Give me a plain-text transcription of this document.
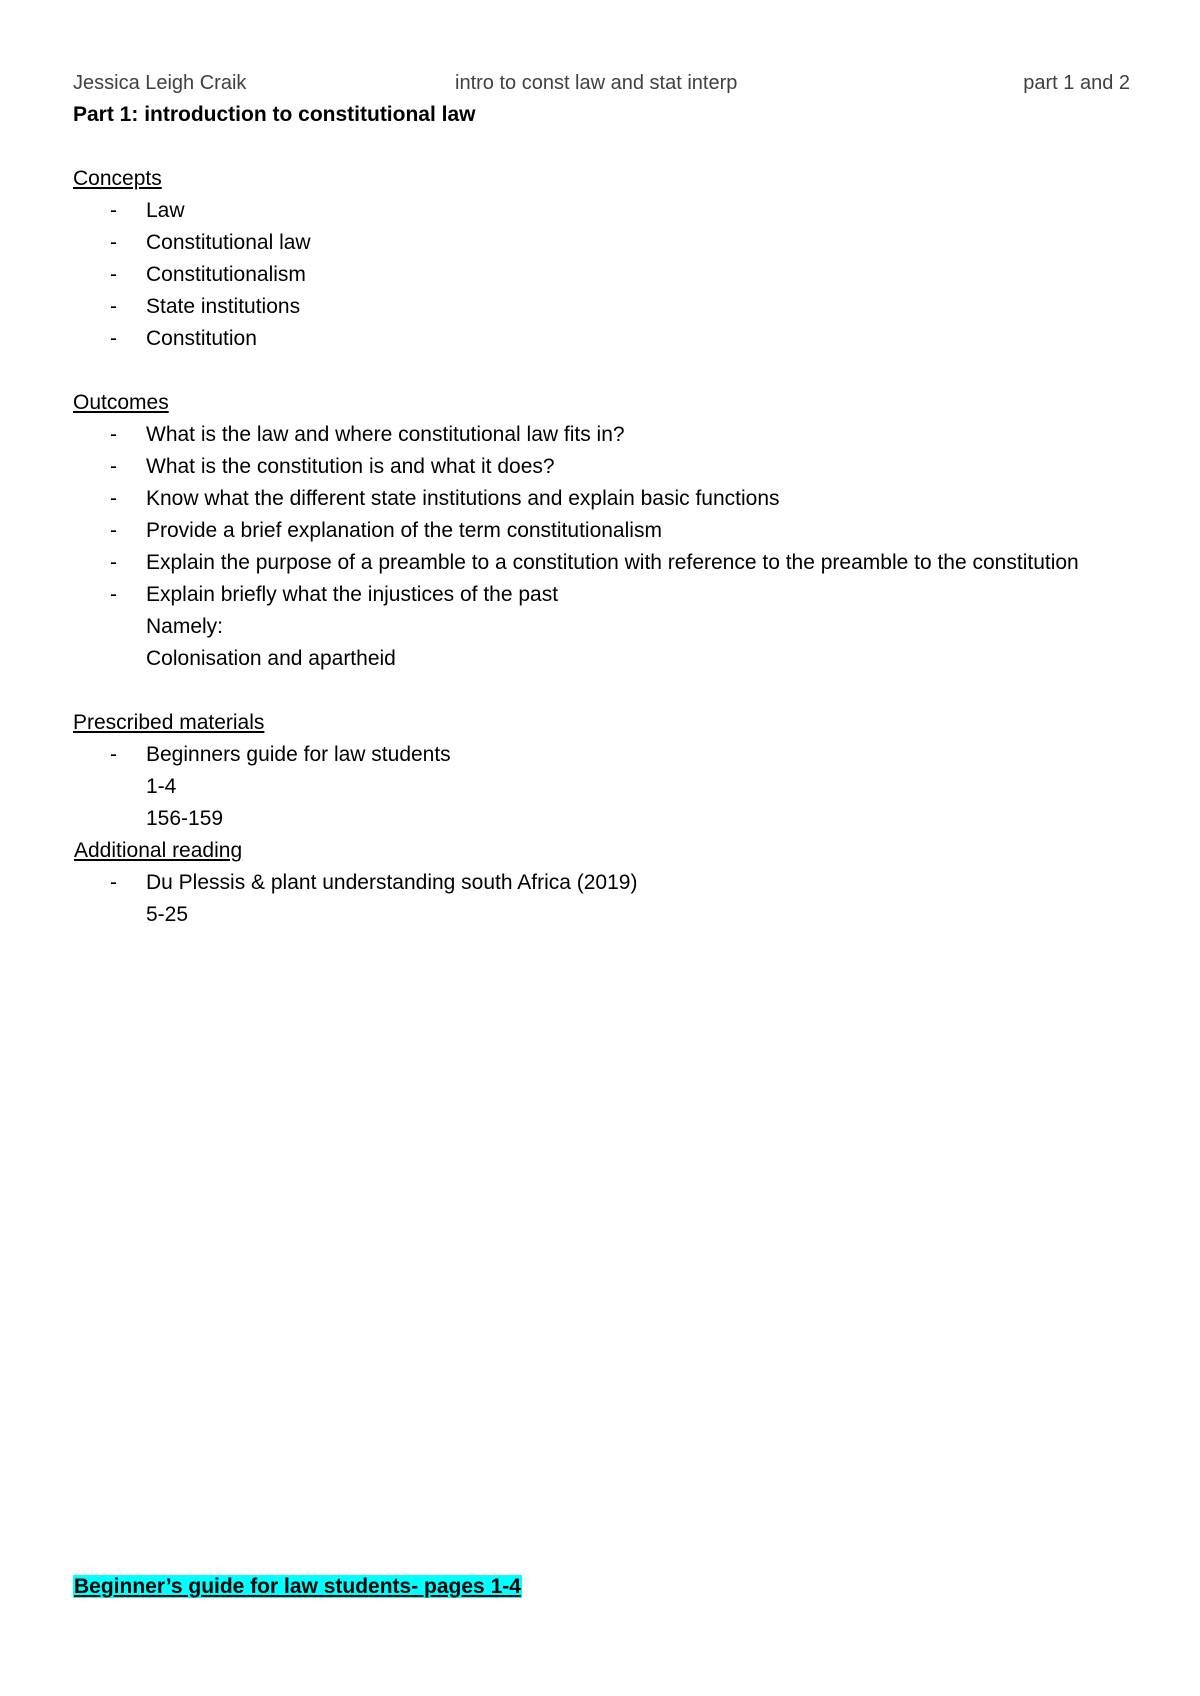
Jessica Leigh Craik	intro to const law and stat interp	part 1 and 2
Part 1: introduction to constitutional law
Concepts
- Law
- Constitutional law
- Constitutionalism
- State institutions
- Constitution
Outcomes
- What is the law and where constitutional law fits in?
- What is the constitution is and what it does?
- Know what the different state institutions and explain basic functions
- Provide a brief explanation of the term constitutionalism
- Explain the purpose of a preamble to a constitution with reference to the preamble to the constitution
- Explain briefly what the injustices of the past
Namely:
Colonisation and apartheid
Prescribed materials
- Beginners guide for law students
1-4
156-159
Additional reading
- Du Plessis & plant understanding south Africa (2019)
5-25
Beginner’s guide for law students- pages 1-4
